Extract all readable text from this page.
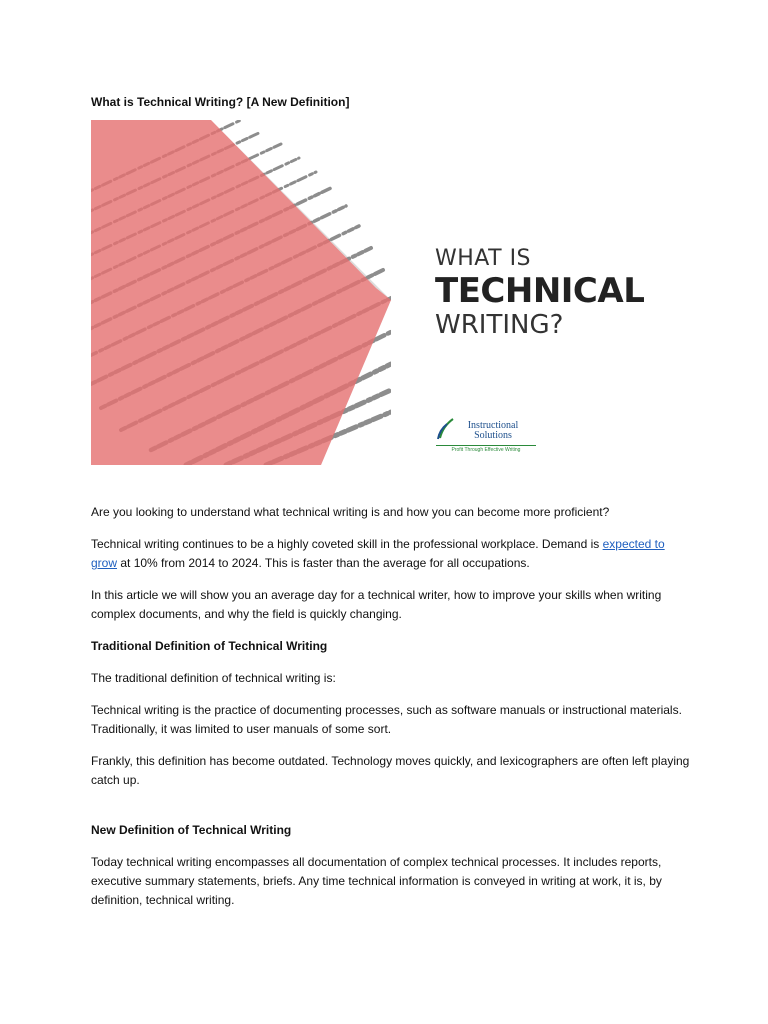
What is Technical Writing? [A New Definition]
WHAT IS
TECHNICAL
WRITING?
Instructional
Solutions
Profit Through Effective Writing

Are you looking to understand what technical writing is and how you can become more proficient?

Technical writing continues to be a highly coveted skill in the professional workplace. Demand is expected to grow at 10% from 2014 to 2024. This is faster than the average for all occupations.

In this article we will show you an average day for a technical writer, how to improve your skills when writing complex documents, and why the field is quickly changing.

Traditional Definition of Technical Writing

The traditional definition of technical writing is:

Technical writing is the practice of documenting processes, such as software manuals or instructional materials. Traditionally, it was limited to user manuals of some sort.

Frankly, this definition has become outdated. Technology moves quickly, and lexicographers are often left playing catch up.

New Definition of Technical Writing

Today technical writing encompasses all documentation of complex technical processes. It includes reports, executive summary statements, briefs. Any time technical information is conveyed in writing at work, it is, by definition, technical writing.
